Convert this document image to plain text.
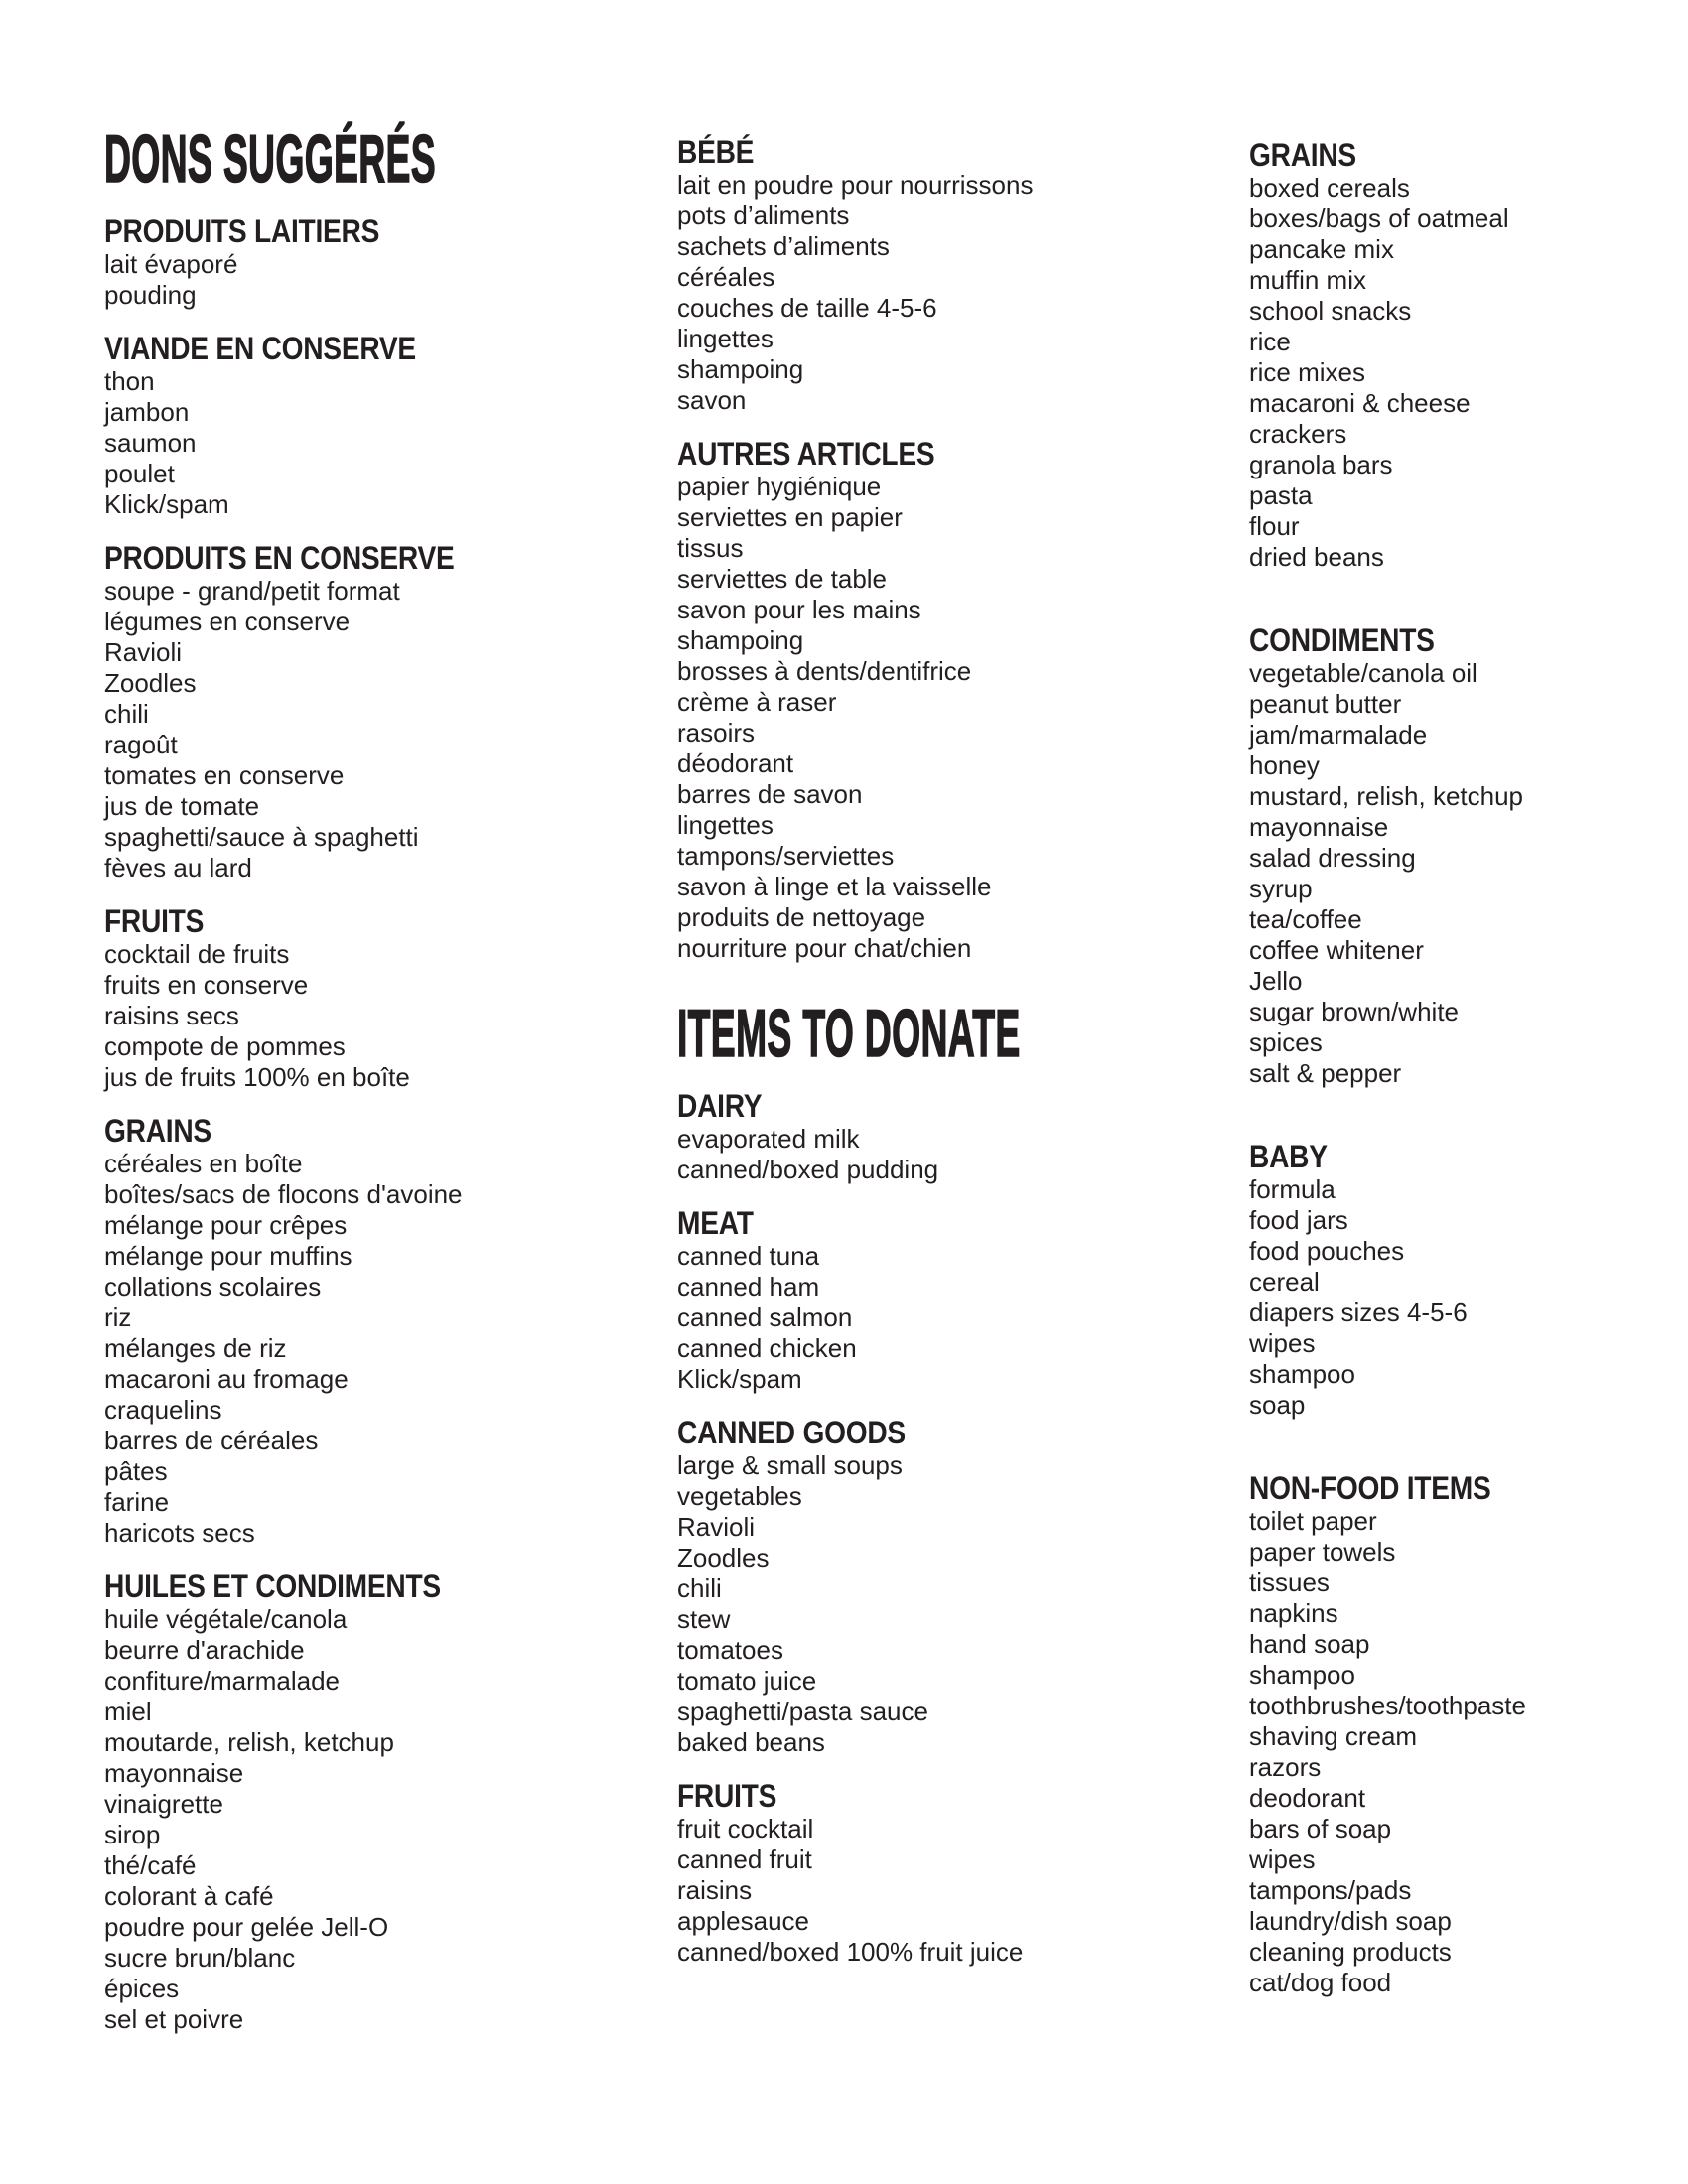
DONS SUGGÉRÉS
PRODUITS LAITIERS
lait évaporé
pouding
VIANDE EN CONSERVE
thon
jambon
saumon
poulet
Klick/spam
PRODUITS EN CONSERVE
soupe - grand/petit format
légumes en conserve
Ravioli
Zoodles
chili
ragoût
tomates en conserve
jus de tomate
spaghetti/sauce à spaghetti
fèves au lard
FRUITS
cocktail de fruits
fruits en conserve
raisins secs
compote de pommes
jus de fruits 100% en boîte
GRAINS
céréales en boîte
boîtes/sacs de flocons d'avoine
mélange pour crêpes
mélange pour muffins
collations scolaires
riz
mélanges de riz
macaroni au fromage
craquelins
barres de céréales
pâtes
farine
haricots secs
HUILES ET CONDIMENTS
huile végétale/canola
beurre d'arachide
confiture/marmalade
miel
moutarde, relish, ketchup
mayonnaise
vinaigrette
sirop
thé/café
colorant à café
poudre pour gelée Jell-O
sucre brun/blanc
épices
sel et poivre
BÉBÉ
lait en poudre pour nourrissons
pots d’aliments
sachets d’aliments
céréales
couches de taille 4-5-6
lingettes
shampoing
savon
AUTRES ARTICLES
papier hygiénique
serviettes en papier
tissus
serviettes de table
savon pour les mains
shampoing
brosses à dents/dentifrice
crème à raser
rasoirs
déodorant
barres de savon
lingettes
tampons/serviettes
savon à linge et la vaisselle
produits de nettoyage
nourriture pour chat/chien
ITEMS TO DONATE
DAIRY
evaporated milk
canned/boxed pudding
MEAT
canned tuna
canned ham
canned salmon
canned chicken
Klick/spam
CANNED GOODS
large & small soups
vegetables
Ravioli
Zoodles
chili
stew
tomatoes
tomato juice
spaghetti/pasta sauce
baked beans
FRUITS
fruit cocktail
canned fruit
raisins
applesauce
canned/boxed 100% fruit juice
GRAINS
boxed cereals
boxes/bags of oatmeal
pancake mix
muffin mix
school snacks
rice
rice mixes
macaroni & cheese
crackers
granola bars
pasta
flour
dried beans
CONDIMENTS
vegetable/canola oil
peanut butter
jam/marmalade
honey
mustard, relish, ketchup
mayonnaise
salad dressing
syrup
tea/coffee
coffee whitener
Jello
sugar brown/white
spices
salt & pepper
BABY
formula
food jars
food pouches
cereal
diapers sizes 4-5-6
wipes
shampoo
soap
NON-FOOD ITEMS
toilet paper
paper towels
tissues
napkins
hand soap
shampoo
toothbrushes/toothpaste
shaving cream
razors
deodorant
bars of soap
wipes
tampons/pads
laundry/dish soap
cleaning products
cat/dog food
